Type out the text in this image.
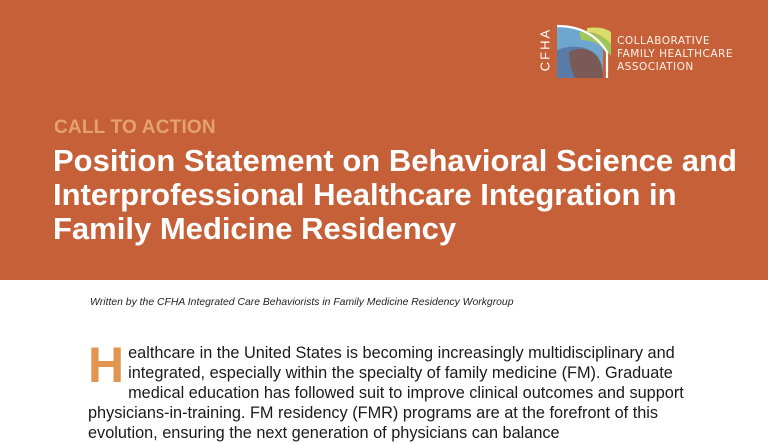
CFHA	COLLABORATIVE
FAMILY HEALTHCARE
ASSOCIATION
CALL TO ACTION
Position Statement on Behavioral Science and Interprofessional Healthcare Integration in Family Medicine Residency
Written by the CFHA Integrated Care Behaviorists in Family Medicine Residency Workgroup
H ealthcare in the United States is becoming increasingly multidisciplinary and integrated, especially within the specialty of family medicine (FM). Graduate medical education has followed suit to improve clinical outcomes and support physicians-in-training. FM residency (FMR) programs are at the forefront of this evolution, ensuring the next generation of physicians can balance
